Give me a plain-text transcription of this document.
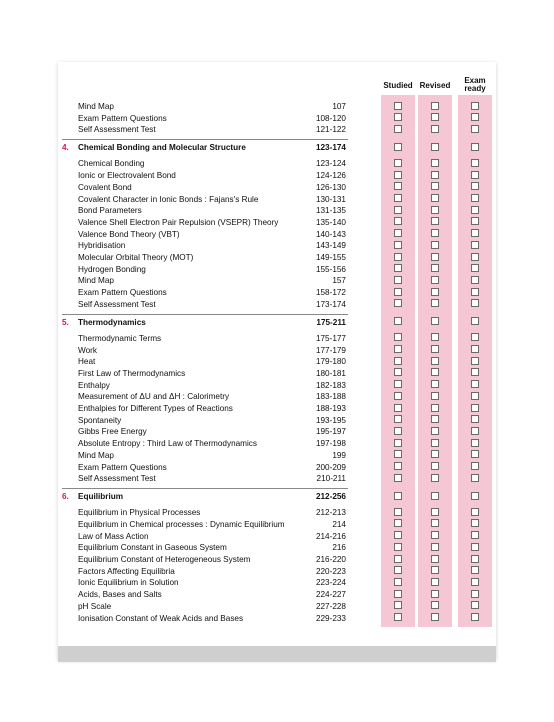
Studied Revised
Exam
ready
Mind Map	107
Exam Pattern Questions	108-120
Self Assessment Test	121-122
4. Chemical Bonding and Molecular Structure	123-174
Chemical Bonding	123-124
Ionic or Electrovalent Bond	124-126
Covalent Bond	126-130
Covalent Character in Ionic Bonds : Fajans's Rule	130-131
Bond Parameters	131-135
Valence Shell Electron Pair Repulsion (VSEPR) Theory	135-140
Valence Bond Theory (VBT)	140-143
Hybridisation	143-149
Molecular Orbital Theory (MOT)	149-155
Hydrogen Bonding	155-156
Mind Map	157
Exam Pattern Questions	158-172
Self Assessment Test	173-174
5. Thermodynamics	175-211
Thermodynamic Terms	175-177
Work	177-179
Heat	179-180
First Law of Thermodynamics	180-181
Enthalpy	182-183
Measurement of ΔU and ΔH : Calorimetry	183-188
Enthalpies for Different Types of Reactions	188-193
Spontaneity	193-195
Gibbs Free Energy	195-197
Absolute Entropy : Third Law of Thermodynamics	197-198
Mind Map	199
Exam Pattern Questions	200-209
Self Assessment Test	210-211
6. Equilibrium	212-256
Equilibrium in Physical Processes	212-213
Equilibrium in Chemical processes : Dynamic Equilibrium	214
Law of Mass Action	214-216
Equilibrium Constant in Gaseous System	216
Equilibrium Constant of Heterogeneous System	216-220
Factors Affecting Equilibria	220-223
Ionic Equilibrium in Solution	223-224
Acids, Bases and Salts	224-227
pH Scale	227-228
Ionisation Constant of Weak Acids and Bases	229-233
